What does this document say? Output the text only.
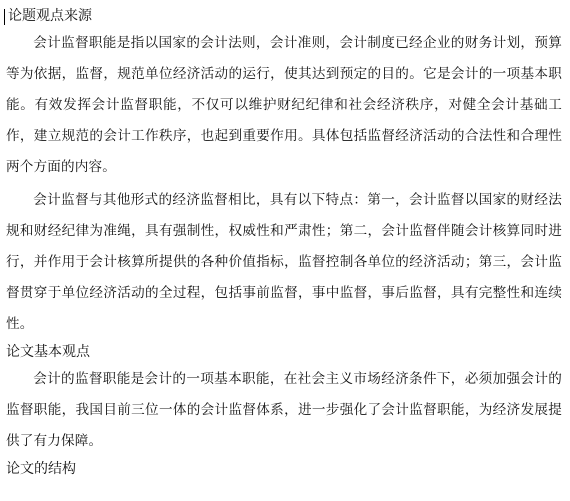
论题观点来源

会计监督职能是指以国家的会计法则，会计准则，会计制度已经企业的财务计划，预算等为依据，监督，规范单位经济活动的运行，使其达到预定的目的。它是会计的一项基本职能。有效发挥会计监督职能，不仅可以维护财纪纪律和社会经济秩序，对健全会计基础工作，建立规范的会计工作秩序，也起到重要作用。具体包括监督经济活动的合法性和合理性两个方面的内容。

会计监督与其他形式的经济监督相比，具有以下特点：第一，会计监督以国家的财经法规和财经纪律为准绳，具有强制性，权威性和严肃性；第二，会计监督伴随会计核算同时进行，并作用于会计核算所提供的各种价值指标，监督控制各单位的经济活动；第三，会计监督贯穿于单位经济活动的全过程，包括事前监督，事中监督，事后监督，具有完整性和连续性。

论文基本观点

会计的监督职能是会计的一项基本职能，在社会主义市场经济条件下，必须加强会计的监督职能，我国目前三位一体的会计监督体系，进一步强化了会计监督职能，为经济发展提供了有力保障。

论文的结构
